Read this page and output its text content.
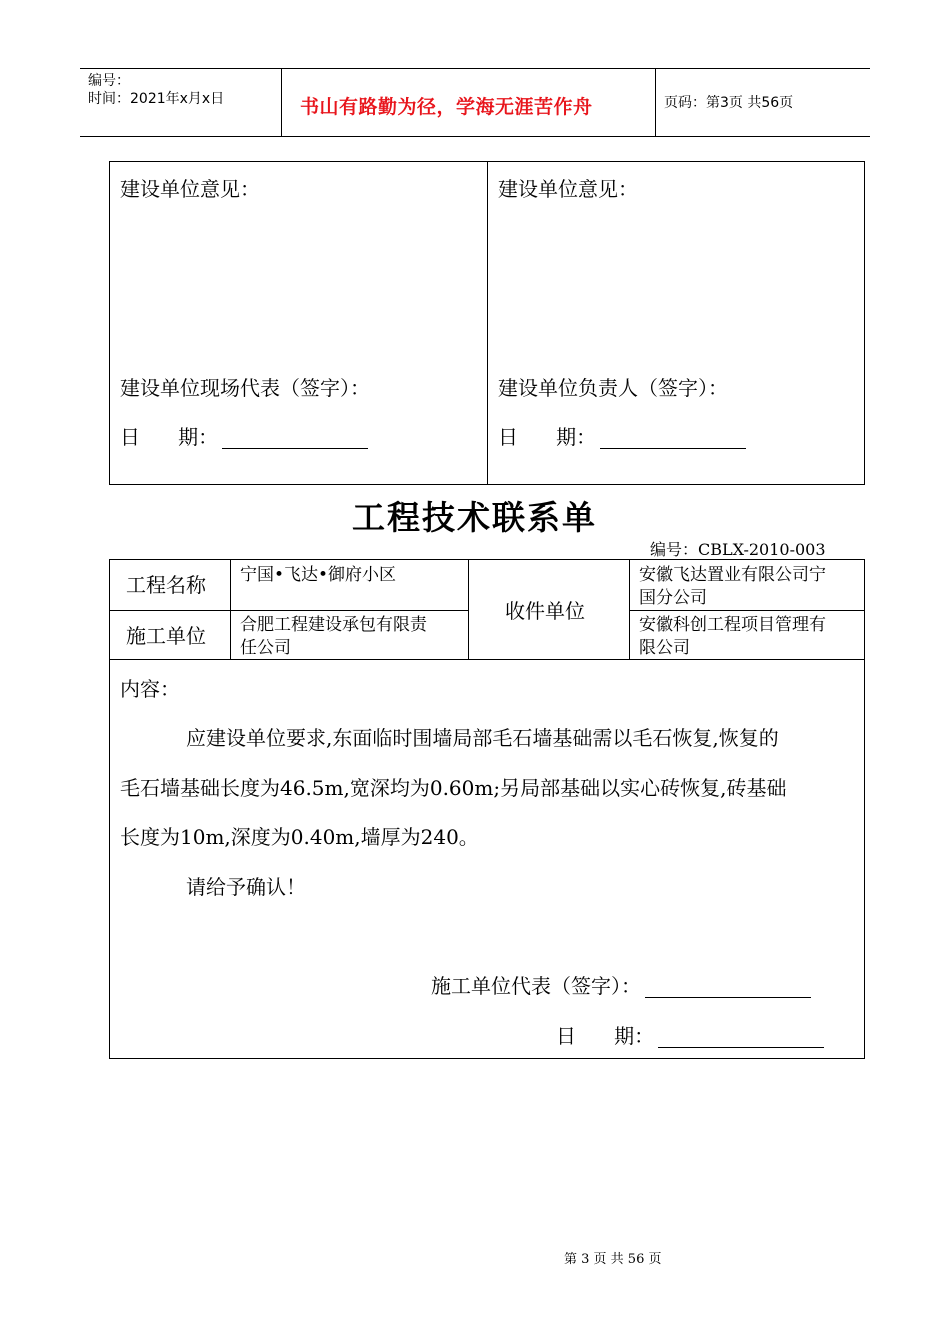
编号：
时间：2021年x月x日	书山有路勤为径，学海无涯苦作舟	页码：第3页 共56页
建设单位意见：
建设单位现场代表（签字）：
日      期：
建设单位意见：
建设单位负责人（签字）：
日      期：
工程技术联系单
编号：CBLX-2010-003
工程名称 宁国•飞达•御府小区
施工单位 合肥工程建设承包有限责
任公司
收件单位
安徽飞达置业有限公司宁
国分公司
安徽科创工程项目管理有
限公司
内容：
应建设单位要求,东面临时围墙局部毛石墙基础需以毛石恢复,恢复的
毛石墙基础长度为46.5m,宽深均为0.60m;另局部基础以实心砖恢复,砖基础
长度为10m,深度为0.40m,墙厚为240。
请给予确认！
施工单位代表（签字）：
日      期：
第 3 页 共 56 页
